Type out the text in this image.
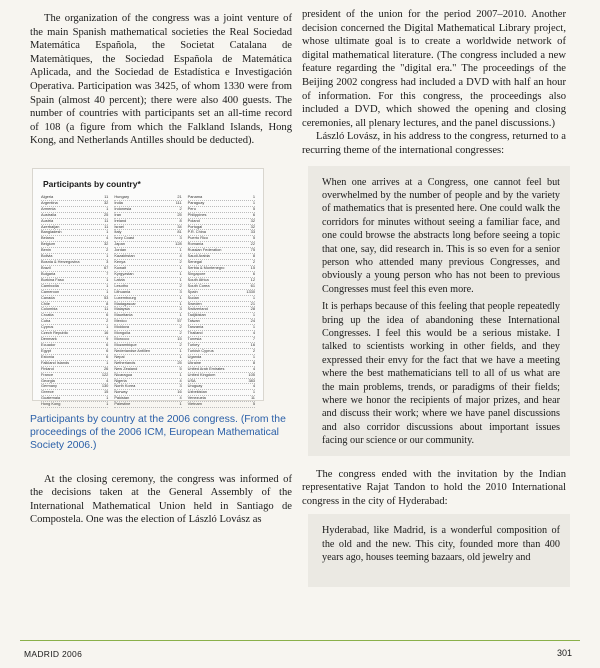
The organization of the congress was a joint venture of the main Spanish mathematical societies the Real Sociedad Matemática Española, the Societat Catalana de Matemàtiques, the Sociedad Española de Matemática Aplicada, and the Sociedad de Estadística e Investigación Operativa. Participation was 3425, of whom 1330 were from Spain (almost 40 percent); there were also 400 guests. The number of countries with participants set an all-time record of 108 (a figure from which the Falkland Islands, Hong Kong, and Netherlands Antilles should be deducted).

Participants by country*
Algeria	11
Argentina	32
Armenia	1
Australia	25
Austria	11
Azerbaijan	11
Bangladesh	1
Belarus	4
Belgium	32
Benin	2
Bolivia	1
Bosnia & Herzegovina	3
Brazil	67
Bulgaria	7
Burkina Faso	1
Cambodia	1
Cameroon	1
Canada	53
Chile	8
Colombia	11
Croatia	6
Cuba	2
Cyprus	1
Czech Republic	16
Denmark	9
Ecuador	6
Egypt	6
Estonia	6
Falkland Islands	1
Finland	26
France	122
Georgia	4
Germany	130
Greece	15
Guatemala	1
Hong Kong	1
Hungary	21
India	111
Indonesia	2
Iran	25
Ireland	8
Israel	34
Italy	81
Ivory Coast	3
Japan	128
Jordan	1
Kazakhstan	4
Kenya	2
Kuwait	1
Kyrgyzstan	1
Latvia	1
Lesotho	2
Lithuania	3
Luxembourg	1
Madagascar	1
Malaysia	3
Mauritania	1
Mexico	57
Moldova	2
Mongolia	2
Morocco	15
Mozambique	2
Nederlandse Antillen	1
Nepal	1
Netherlands	25
New Zealand	5
Nicaragua	1
Nigeria	4
North Korea	3
Norway	16
Pakistan	4
Palestine	1
Panama	1
Paraguay	1
Peru	5
Philippines	6
Poland	32
Portugal	32
P.R. China	33
Puerto Rico	5
Romania	22
Russian Federation	75
Saudi Arabia	8
Senegal	2
Serbia & Montenegro	15
Singapore	6
South Africa	12
South Corea	61
Spain	1330
Sudan	1
Sweden	21
Switzerland	28
Tadjikistan	1
Taiwan	24
Tanzania	1
Thailand	4
Tunesia	7
Turkey	16
Turkish Cyprus	2
Uganda	1
Ukraine	8
United Arab Emirates	4
United Kingdom	105
USA	383
Uruguay	4
Uzbekistan	1
Venezuela	11
Vietnam	5
Participants by country at the 2006 congress. (From the proceedings of the 2006 ICM, European Mathematical Society 2006.)

At the closing ceremony, the congress was informed of the decisions taken at the General Assembly of the International Mathematical Union held in Santiago de Compostela. One was the election of László Lovász as

president of the union for the period 2007–2010. Another decision concerned the Digital Mathematical Library project, whose ultimate goal is to create a worldwide network of digital mathematical literature. (The congress included a new feature regarding the "digital era." The proceedings of the Beijing 2002 congress had included a DVD with half an hour of information. For this congress, the proceedings also included a DVD, which showed the opening and closing ceremonies, all plenary lectures, and the panel discussions.)

László Lovász, in his address to the congress, returned to a recurring theme of the international congresses:

When one arrives at a Congress, one cannot feel but overwhelmed by the number of people and by the variety of mathematics that is presented here. One could walk the corridors for minutes without seeing a familiar face, and one could browse the abstracts long before seeing a topic that one, say, did research in. This is so even for a senior person who attended many previous Congresses, and obviously a young person who has not been to previous Congresses must feel this even more.

It is perhaps because of this feeling that people repeatedly bring up the idea of abandoning these International Congresses. I feel this would be a serious mistake. I talked to scientists working in other fields, and they expressed their envy for the fact that we have a meeting where the best mathematicians tell to all of us what are the main problems, trends, or paradigms of their fields; where we honor the recipients of major prizes, and hear and discuss their work; where we have panel discussions and also corridor discussions about important issues facing our science or our community.

The congress ended with the invitation by the Indian representative Rajat Tandon to hold the 2010 International congress in the city of Hyderabad:

Hyderabad, like Madrid, is a wonderful composition of the old and the new. This city, founded more than 400 years ago, houses teeming bazaars, old jewelry and

MADRID 2006	301
